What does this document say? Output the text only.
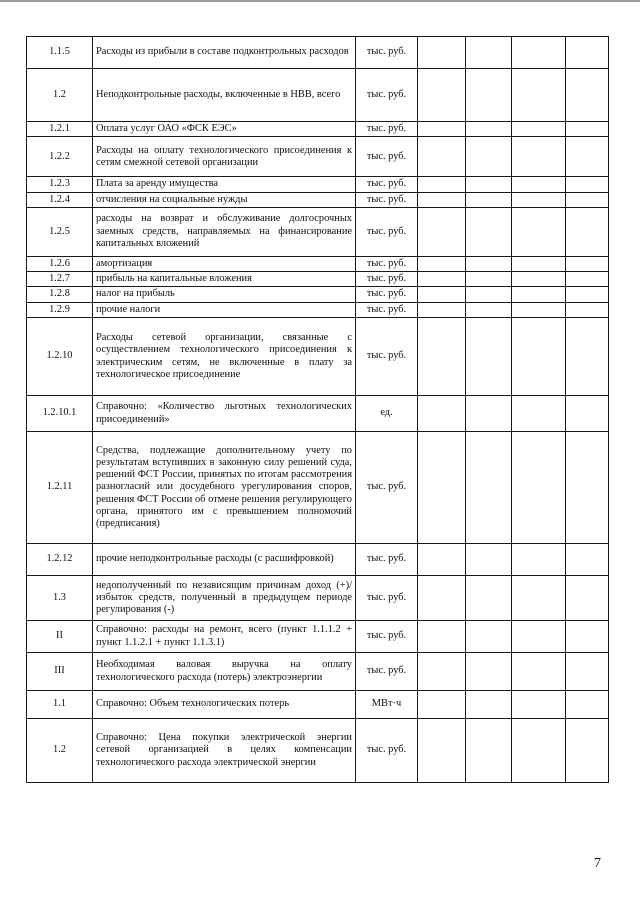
1.1.5	Расходы из прибыли в составе подконтрольных расходов	тыс. руб.				
1.2	Неподконтрольные расходы, включенные в НВВ, всего	тыс. руб.				
1.2.1	Оплата услуг ОАО «ФСК ЕЭС»	тыс. руб.				
1.2.2	Расходы на оплату технологического присоединения к сетям смежной сетевой организации	тыс. руб.				
1.2.3	Плата за аренду имущества	тыс. руб.				
1.2.4	отчисления на социальные нужды	тыс. руб.				
1.2.5	расходы на возврат и обслуживание долгосрочных заемных средств, направляемых на финансирование капитальных вложений	тыс. руб.				
1.2.6	амортизация	тыс. руб.				
1.2.7	прибыль на капитальные вложения	тыс. руб.				
1.2.8	налог на прибыль	тыс. руб.				
1.2.9	прочие налоги	тыс. руб.				
1.2.10	Расходы сетевой организации, связанные с осуществлением технологического присоединения к электрическим сетям, не включенные в плату за технологическое присоединение	тыс. руб.				
1.2.10.1	Справочно: «Количество льготных технологических присоединений»	ед.				
1.2.11	Средства, подлежащие дополнительному учету по результатам вступивших в законную силу решений суда, решений ФСТ России, принятых по итогам рассмотрения разногласий или досудебного урегулирования споров, решения ФСТ России об отмене решения регулирующего органа, принятого им с превышением полномочий (предписания)	тыс. руб.				
1.2.12	прочие неподконтрольные расходы (с расшифровкой)	тыс. руб.				
1.3	недополученный по независящим причинам доход (+)/избыток средств, полученный в предыдущем периоде регулирования (-)	тыс. руб.				
II	Справочно: расходы на ремонт, всего (пункт 1.1.1.2 + пункт 1.1.2.1 + пункт 1.1.3.1)	тыс. руб.				
III	Необходимая валовая выручка на оплату технологического расхода (потерь) электроэнергии	тыс. руб.				
1.1	Справочно: Объем технологических потерь	МВт·ч				
1.2	Справочно: Цена покупки электрической энергии сетевой организацией в целях компенсации технологического расхода электрической энергии	тыс. руб.				
7
